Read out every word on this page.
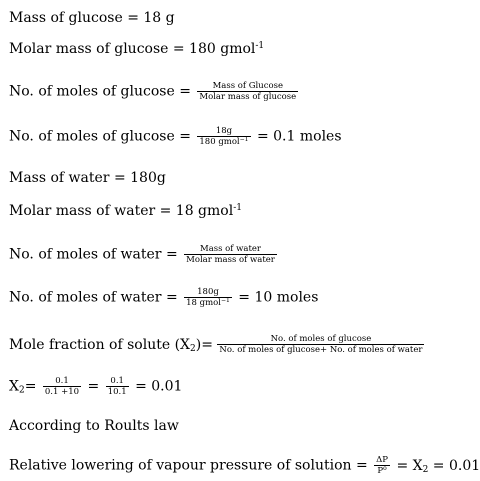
Mass of glucose = 18 g
Molar mass of glucose = 180 gmol$^{-1}$
No. of moles of $glucose = \frac{\text{Mass of Glucose}}{\text{Molar mass of glucose}}$
No. of moles of $glucose = \frac{18g}{180 gmol^{-1}} = 0.1$ moles
Mass of water = 180g
Molar mass of water = 18 gmol$^{-1}$
No. of moles of water = $\frac{\text{Mass of water}}{\text{Molar mass of water}}$
No. of moles of water = $\frac{180g}{18 gmol^{-1}} = 10$ moles
Mole fraction of solute $(X_2)= \frac{\text{No. of moles of glucose}}{\text{No. of moles of glucose+ No. of moles of water}}$
$X_2= \frac{0.1}{0.1 +10} = \frac{0.1}{10.1} = 0.01$
According to Roults law
Relative lowering of vapour pressure of solution = $\frac{\Delta P}{P^o} = X_2 = 0.01$
